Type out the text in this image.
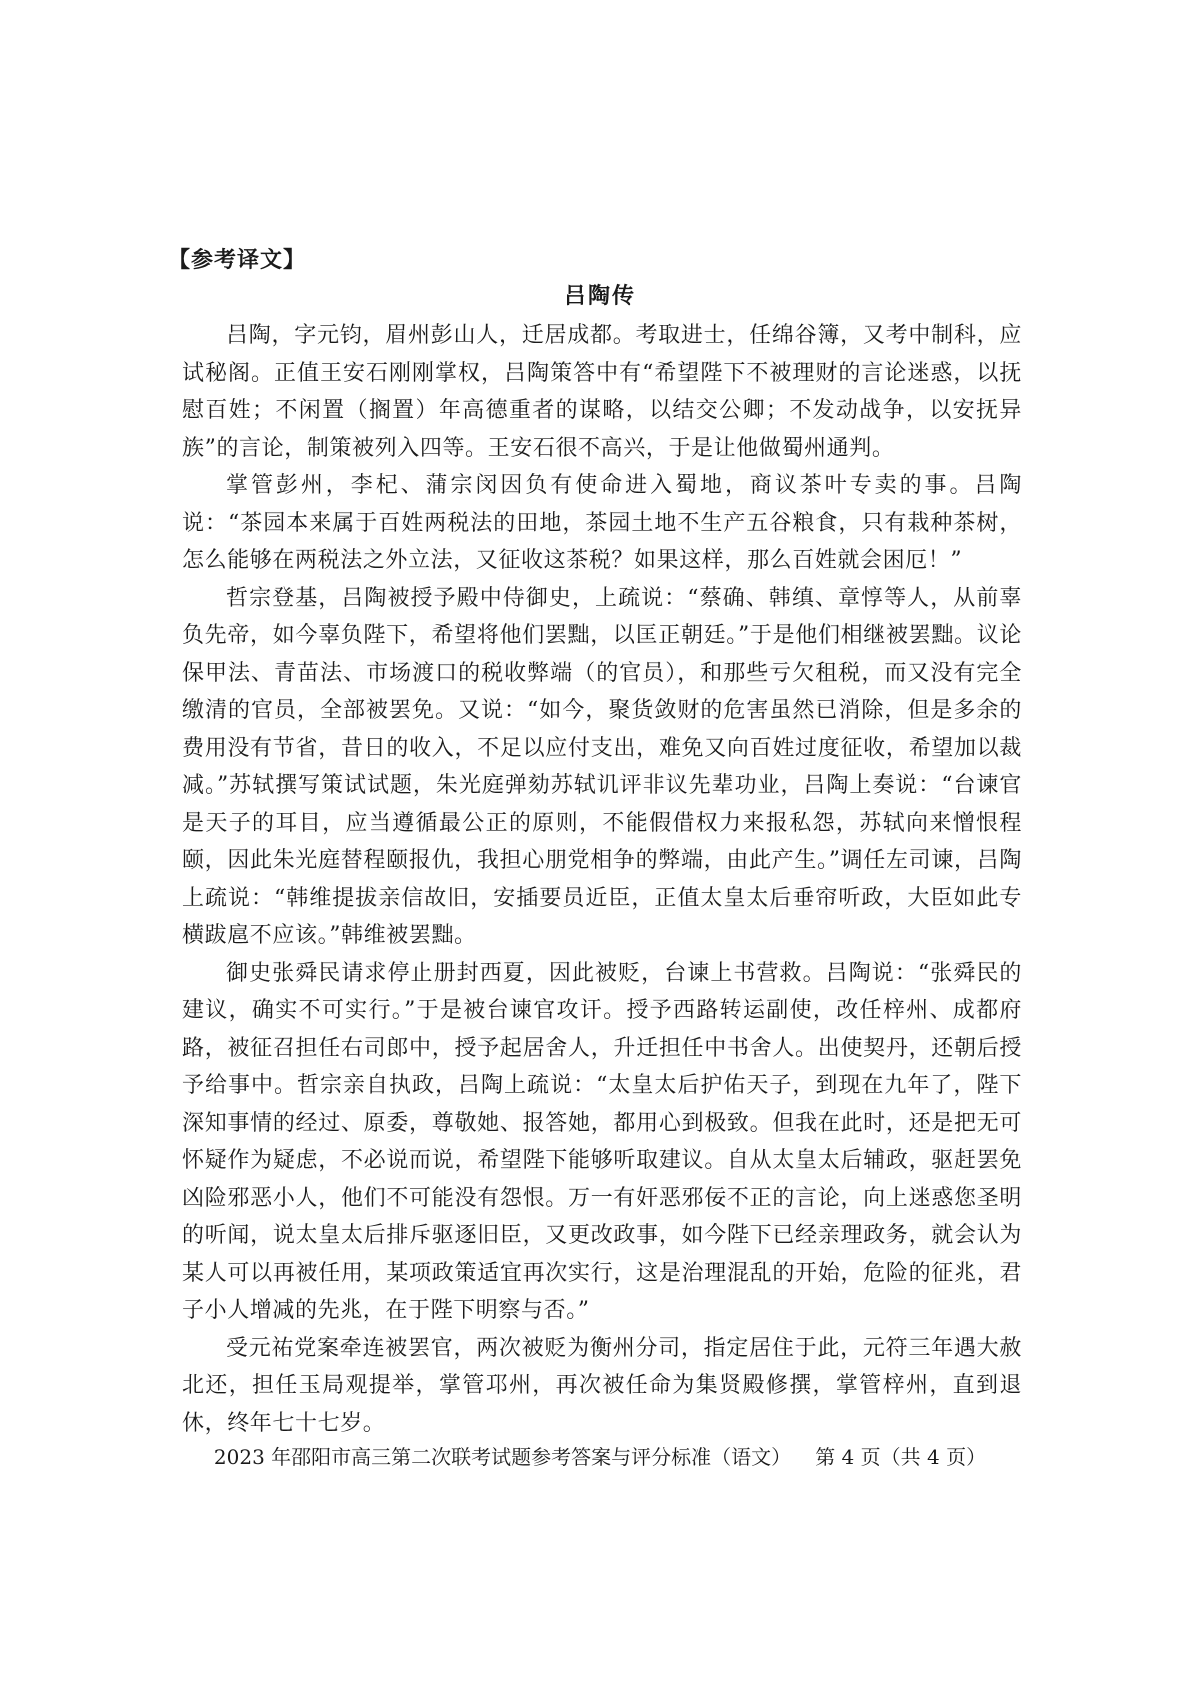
【参考译文】
吕陶传

吕陶，字元钧，眉州彭山人，迁居成都。考取进士，任绵谷簿，又考中制科，应试秘阁。正值王安石刚刚掌权，吕陶策答中有“希望陛下不被理财的言论迷惑，以抚慰百姓；不闲置（搁置）年高德重者的谋略，以结交公卿；不发动战争，以安抚异族”的言论，制策被列入四等。王安石很不高兴，于是让他做蜀州通判。

掌管彭州，李杞、蒲宗闵因负有使命进入蜀地，商议茶叶专卖的事。吕陶说：“茶园本来属于百姓两税法的田地，茶园土地不生产五谷粮食，只有栽种茶树，怎么能够在两税法之外立法，又征收这茶税？如果这样，那么百姓就会困厄！”

哲宗登基，吕陶被授予殿中侍御史，上疏说：“蔡确、韩缜、章惇等人，从前辜负先帝，如今辜负陛下，希望将他们罢黜，以匡正朝廷。”于是他们相继被罢黜。议论保甲法、青苗法、市场渡口的税收弊端（的官员），和那些亏欠租税，而又没有完全缴清的官员，全部被罢免。又说：“如今，聚货敛财的危害虽然已消除，但是多余的费用没有节省，昔日的收入，不足以应付支出，难免又向百姓过度征收，希望加以裁减。”苏轼撰写策试试题，朱光庭弹劾苏轼讥评非议先辈功业，吕陶上奏说：“台谏官是天子的耳目，应当遵循最公正的原则，不能假借权力来报私怨，苏轼向来憎恨程颐，因此朱光庭替程颐报仇，我担心朋党相争的弊端，由此产生。”调任左司谏，吕陶上疏说：“韩维提拔亲信故旧，安插要员近臣，正值太皇太后垂帘听政，大臣如此专横跋扈不应该。”韩维被罢黜。

御史张舜民请求停止册封西夏，因此被贬，台谏上书营救。吕陶说：“张舜民的建议，确实不可实行。”于是被台谏官攻讦。授予西路转运副使，改任梓州、成都府路，被征召担任右司郎中，授予起居舍人，升迁担任中书舍人。出使契丹，还朝后授予给事中。哲宗亲自执政，吕陶上疏说：“太皇太后护佑天子，到现在九年了，陛下深知事情的经过、原委，尊敬她、报答她，都用心到极致。但我在此时，还是把无可怀疑作为疑虑，不必说而说，希望陛下能够听取建议。自从太皇太后辅政，驱赶罢免凶险邪恶小人，他们不可能没有怨恨。万一有奸恶邪佞不正的言论，向上迷惑您圣明的听闻，说太皇太后排斥驱逐旧臣，又更改政事，如今陛下已经亲理政务，就会认为某人可以再被任用，某项政策适宜再次实行，这是治理混乱的开始，危险的征兆，君子小人增减的先兆，在于陛下明察与否。”

受元祐党案牵连被罢官，两次被贬为衡州分司，指定居住于此，元符三年遇大赦北还，担任玉局观提举，掌管邛州，再次被任命为集贤殿修撰，掌管梓州，直到退休，终年七十七岁。

2023 年邵阳市高三第二次联考试题参考答案与评分标准（语文） 第 4 页（共 4 页）
